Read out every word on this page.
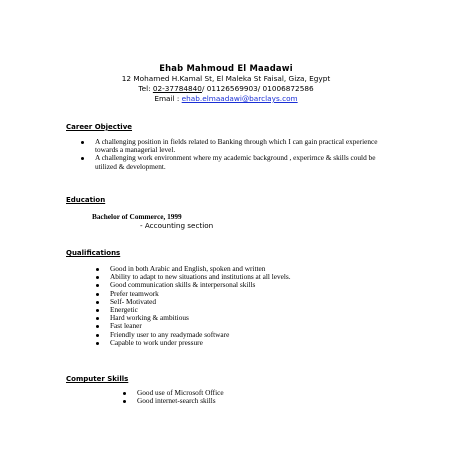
Ehab Mahmoud El Maadawi
12 Mohamed H.Kamal St, El Maleka St Faisal, Giza, Egypt
Tel: 02-37784840/ 01126569903/ 01006872586
Email : ehab.elmaadawi@barclays.com
Career Objective
A challenging position in fields related to Banking through which I can gain practical experience towards a managerial level.
A challenging work environment where my academic background , experirnce & skills could be utilized & development.
Education
Bachelor of Commerce, 1999
- Accounting section
Qualifications
Good in both Arabic and English, spoken and written
Ability to adapt to new situations and institutions at all levels.
Good communication skills & interpersonal skills
Prefer teamwork
Self- Motivated
Energetic
Hard working & ambitious
Fast leaner
Friendly user to any readymade software
Capable to work under pressure
Computer Skills
Good use of Microsoft Office
Good internet-search skills
